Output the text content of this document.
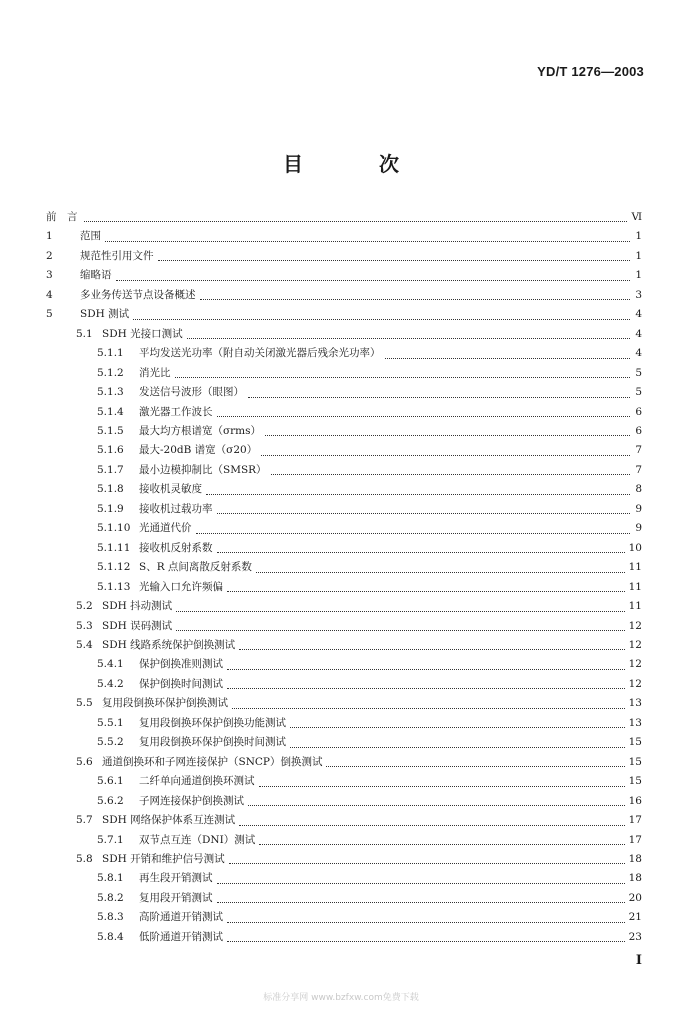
YD/T 1276—2003
目	次
前　言	Ⅵ
1	范围	1
2	规范性引用文件	1
3	缩略语	1
4	多业务传送节点设备概述	3
5	SDH 测试	4
5.1 SDH 光接口测试	4
5.1.1	平均发送光功率（附自动关闭激光器后残余光功率）	4
5.1.2	消光比	5
5.1.3	发送信号波形（眼图）	5
5.1.4	激光器工作波长	6
5.1.5	最大均方根谱宽（σrms）	6
5.1.6	最大-20dB 谱宽（σ20）	7
5.1.7	最小边模抑制比（SMSR）	7
5.1.8	接收机灵敏度	8
5.1.9	接收机过载功率	9
5.1.10 光通道代价	9
5.1.11 接收机反射系数	10
5.1.12 S、R 点间离散反射系数	11
5.1.13 光输入口允许频偏	11
5.2 SDH 抖动测试	11
5.3 SDH 误码测试	12
5.4 SDH 线路系统保护倒换测试	12
5.4.1	保护倒换准则测试	12
5.4.2	保护倒换时间测试	12
5.5 复用段倒换环保护倒换测试	13
5.5.1	复用段倒换环保护倒换功能测试	13
5.5.2	复用段倒换环保护倒换时间测试	15
5.6 通道倒换环和子网连接保护（SNCP）倒换测试	15
5.6.1	二纤单向通道倒换环测试	15
5.6.2	子网连接保护倒换测试	16
5.7 SDH 网络保护体系互连测试	17
5.7.1	双节点互连（DNI）测试	17
5.8 SDH 开销和维护信号测试	18
5.8.1	再生段开销测试	18
5.8.2	复用段开销测试	20
5.8.3	高阶通道开销测试	21
5.8.4	低阶通道开销测试	23
I
标准分享网 www.bzfxw.com免费下载
